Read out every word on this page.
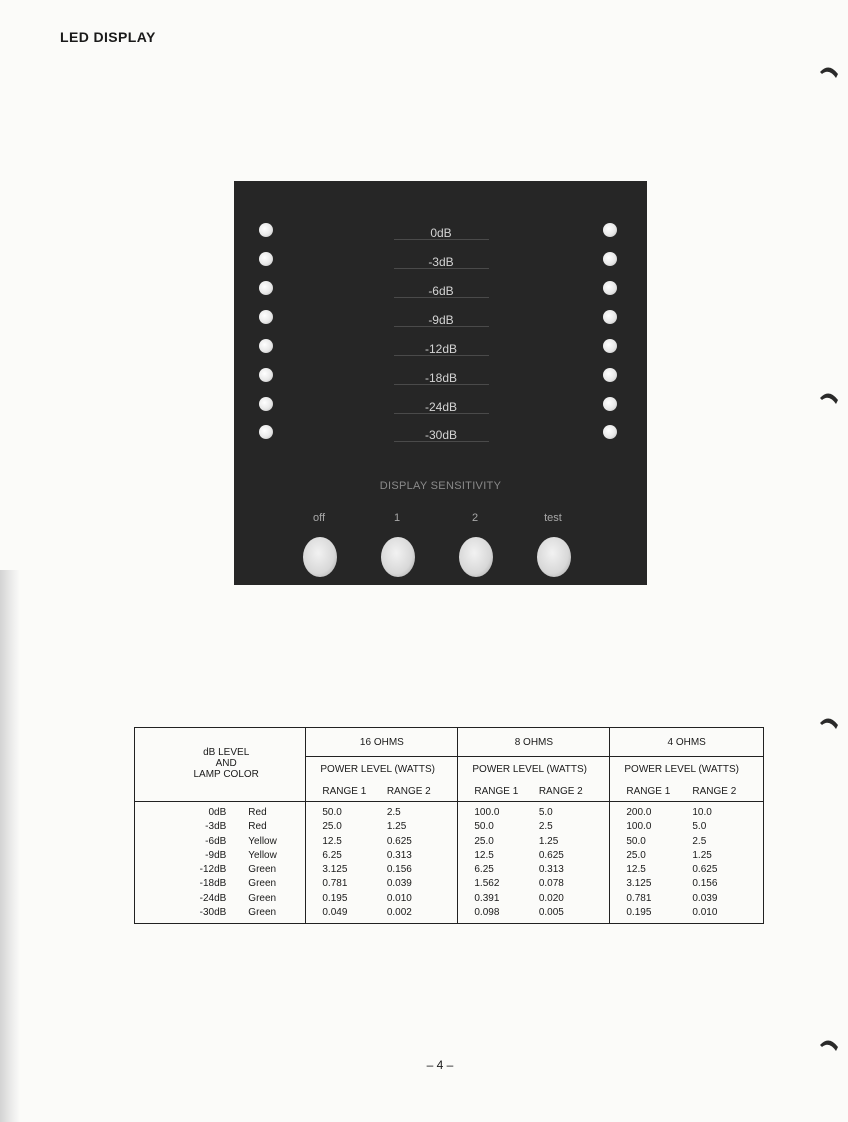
LED DISPLAY
0dB
-3dB
-6dB
-9dB
-12dB
-18dB
-24dB
-30dB
DISPLAY SENSITIVITY
off	1	2	test
dB LEVEL
AND
LAMP COLOR		16 OHMS		8 OHMS		4 OHMS	
		POWER LEVEL (WATTS)		POWER LEVEL (WATTS)		POWER LEVEL (WATTS)	
		RANGE 1	RANGE 2	RANGE 1	RANGE 2	RANGE 1	RANGE 2
0dB	Red	50.0	2.5	100.0	5.0	200.0	10.0
-3dB	Red	25.0	1.25	50.0	2.5	100.0	5.0
-6dB	Yellow	12.5	0.625	25.0	1.25	50.0	2.5
-9dB	Yellow	6.25	0.313	12.5	0.625	25.0	1.25
-12dB	Green	3.125	0.156	6.25	0.313	12.5	0.625
-18dB	Green	0.781	0.039	1.562	0.078	3.125	0.156
-24dB	Green	0.195	0.010	0.391	0.020	0.781	0.039
-30dB	Green	0.049	0.002	0.098	0.005	0.195	0.010
– 4 –
